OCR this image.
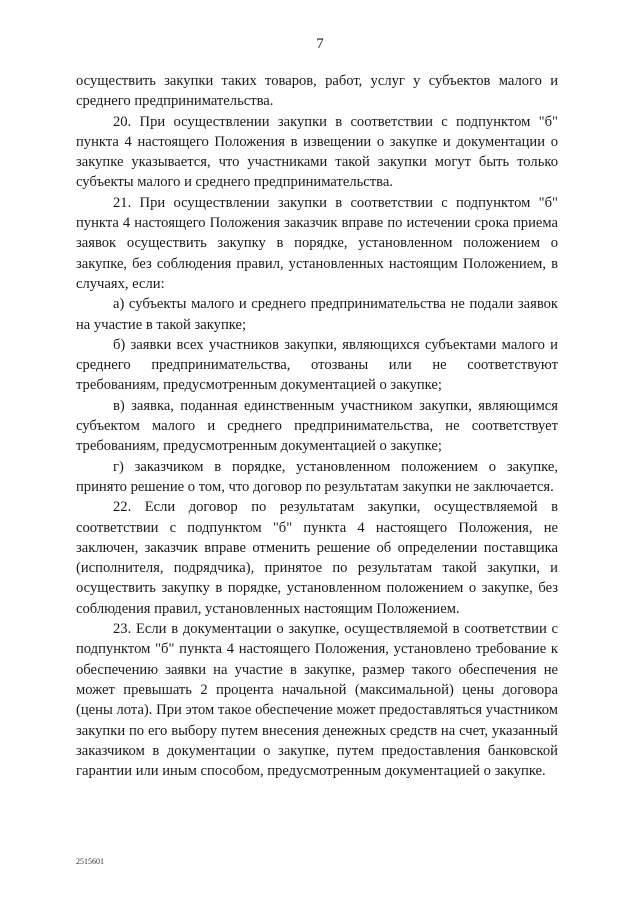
7

осуществить закупки таких товаров, работ, услуг у субъектов малого и среднего предпринимательства.

20. При осуществлении закупки в соответствии с подпунктом "б" пункта 4 настоящего Положения в извещении о закупке и документации о закупке указывается, что участниками такой закупки могут быть только субъекты малого и среднего предпринимательства.

21. При осуществлении закупки в соответствии с подпунктом "б" пункта 4 настоящего Положения заказчик вправе по истечении срока приема заявок осуществить закупку в порядке, установленном положением о закупке, без соблюдения правил, установленных настоящим Положением, в случаях, если:

а) субъекты малого и среднего предпринимательства не подали заявок на участие в такой закупке;

б) заявки всех участников закупки, являющихся субъектами малого и среднего предпринимательства, отозваны или не соответствуют требованиям, предусмотренным документацией о закупке;

в) заявка, поданная единственным участником закупки, являющимся субъектом малого и среднего предпринимательства, не соответствует требованиям, предусмотренным документацией о закупке;

г) заказчиком в порядке, установленном положением о закупке, принято решение о том, что договор по результатам закупки не заключается.

22. Если договор по результатам закупки, осуществляемой в соответствии с подпунктом "б" пункта 4 настоящего Положения, не заключен, заказчик вправе отменить решение об определении поставщика (исполнителя, подрядчика), принятое по результатам такой закупки, и осуществить закупку в порядке, установленном положением о закупке, без соблюдения правил, установленных настоящим Положением.

23. Если в документации о закупке, осуществляемой в соответствии с подпунктом "б" пункта 4 настоящего Положения, установлено требование к обеспечению заявки на участие в закупке, размер такого обеспечения не может превышать 2 процента начальной (максимальной) цены договора (цены лота). При этом такое обеспечение может предоставляться участником закупки по его выбору путем внесения денежных средств на счет, указанный заказчиком в документации о закупке, путем предоставления банковской гарантии или иным способом, предусмотренным документацией о закупке.

2515601
